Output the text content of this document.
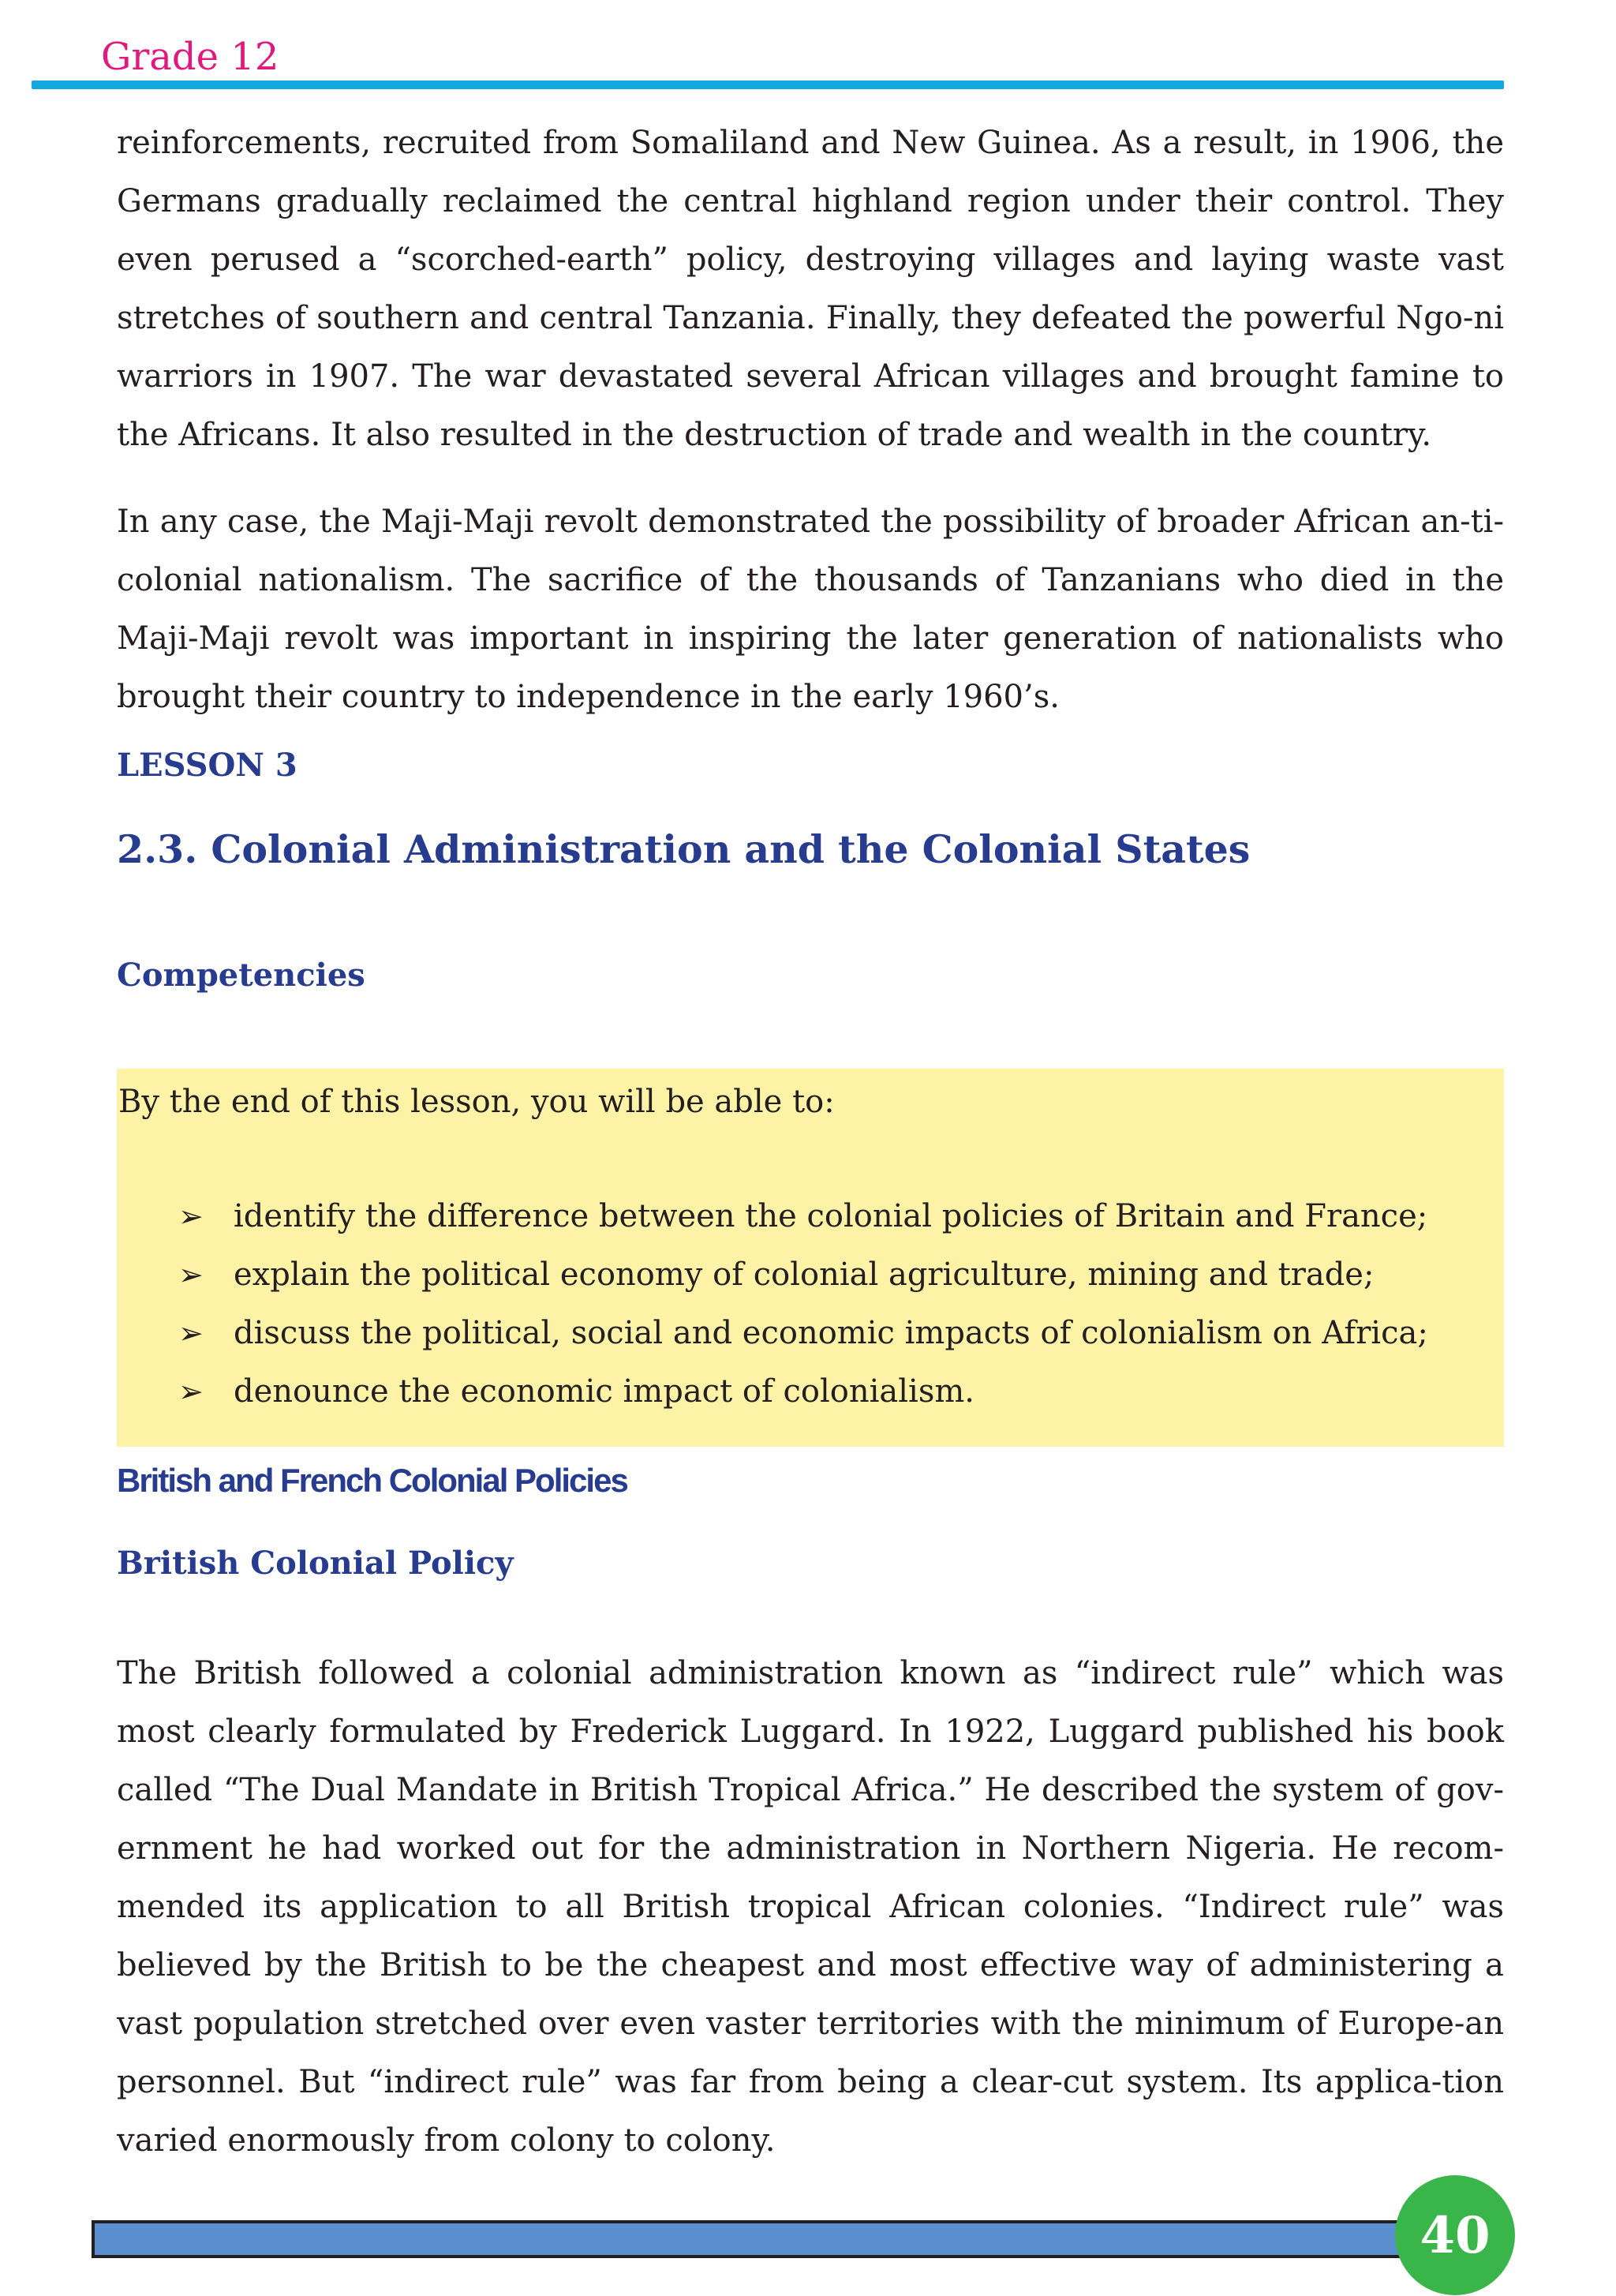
Grade 12

reinforcements, recruited from Somaliland and New Guinea. As a result, in 1906, the Germans gradually reclaimed the central highland region under their control. They even perused a “scorched-earth” policy, destroying villages and laying waste vast stretches of southern and central Tanzania. Finally, they defeated the powerful Ngo-ni warriors in 1907. The war devastated several African villages and brought famine to the Africans. It also resulted in the destruction of trade and wealth in the country.

In any case, the Maji-Maji revolt demonstrated the possibility of broader African an-ti-colonial nationalism. The sacrifice of the thousands of Tanzanians who died in the Maji-Maji revolt was important in inspiring the later generation of nationalists who brought their country to independence in the early 1960’s.

LESSON 3
2.3. Colonial Administration and the Colonial States
Competencies

By the end of this lesson, you will be able to:

➢ identify the difference between the colonial policies of Britain and France;
➢ explain the political economy of colonial agriculture, mining and trade;
➢ discuss the political, social and economic impacts of colonialism on Africa;
➢ denounce the economic impact of colonialism.
British and French Colonial Policies
British Colonial Policy

The British followed a colonial administration known as “indirect rule” which was most clearly formulated by Frederick Luggard. In 1922, Luggard published his book called “The Dual Mandate in British Tropical Africa.” He described the system of gov-ernment he had worked out for the administration in Northern Nigeria. He recom-mended its application to all British tropical African colonies. “Indirect rule” was believed by the British to be the cheapest and most effective way of administering a vast population stretched over even vaster territories with the minimum of Europe-an personnel. But “indirect rule” was far from being a clear-cut system. Its applica-tion varied enormously from colony to colony.

40
